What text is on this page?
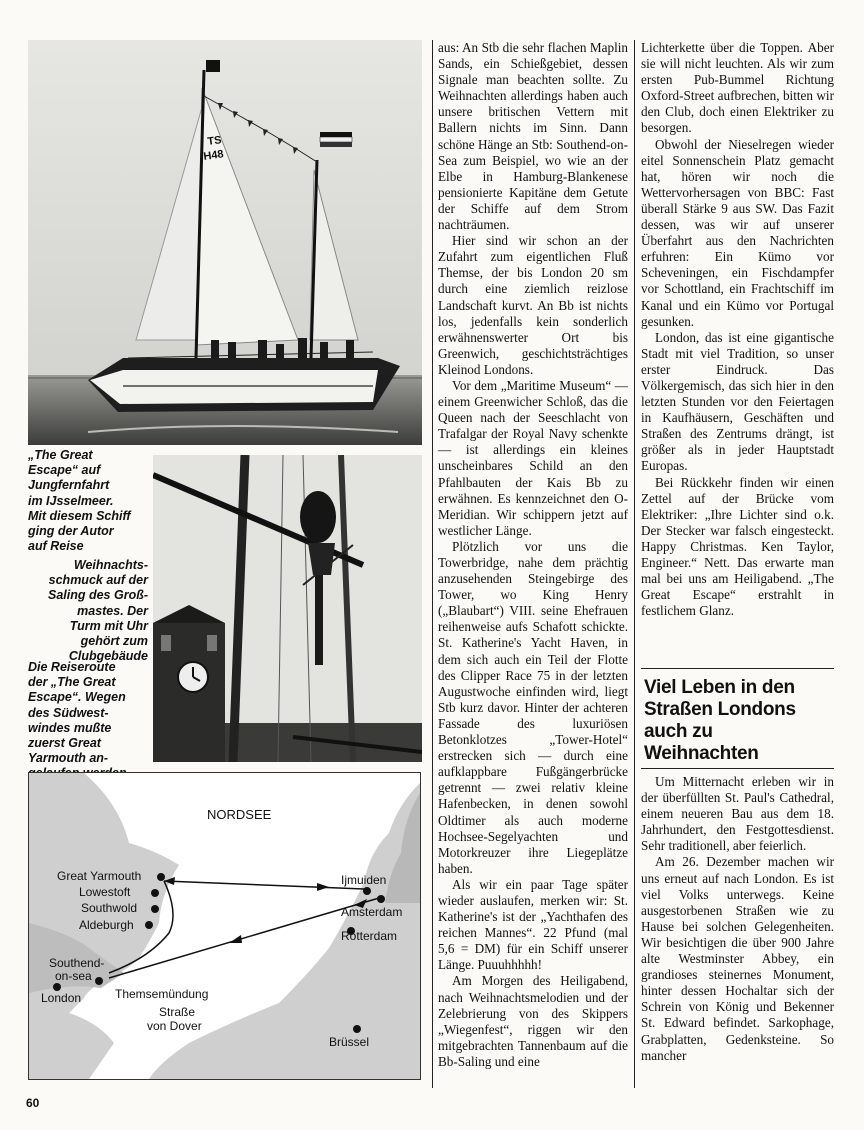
TS
H48

„The Great

Escape“ auf

Jungfernfahrt

im IJsselmeer.

Mit diesem Schiff

ging der Autor

auf Reise

Weihnachts-

schmuck auf der

Saling des Groß-

mastes. Der

Turm mit Uhr

gehört zum

Clubgebäude

Die Reiseroute

der „The Great

Escape“. Wegen

des Südwest-

windes mußte

zuerst Great

Yarmouth an-

NORDSEE
Great Yarmouth
Lowestoft
Southwold
Aldeburgh
Southend-
on-sea
London	Themsemündung
Straße
von Dover
Ijmuiden
Amsterdam
Rotterdam
Brüssel

aus: An Stb die sehr flachen Maplin Sands, ein Schießgebiet, dessen Signale man beachten sollte. Zu Weihnachten allerdings haben auch unsere britischen Vettern mit Ballern nichts im Sinn. Dann schöne Hänge an Stb: Southend-on-Sea zum Beispiel, wo wie an der Elbe in Hamburg-Blankenese pensionierte Kapitäne dem Getute der Schiffe auf dem Strom nachträumen.

Hier sind wir schon an der Zufahrt zum eigentlichen Fluß Themse, der bis London 20 sm durch eine ziemlich reizlose Landschaft kurvt. An Bb ist nichts los, jedenfalls kein sonderlich erwähnenswerter Ort bis Greenwich, geschichtsträchtiges Kleinod Londons.

Vor dem „Maritime Museum“ — einem Greenwicher Schloß, das die Queen nach der Seeschlacht von Trafalgar der Royal Navy schenkte — ist allerdings ein kleines unscheinbares Schild an den Pfahlbauten der Kais Bb zu erwähnen. Es kennzeichnet den O-Meridian. Wir schippern jetzt auf westlicher Länge.

Plötzlich vor uns die Towerbridge, nahe dem prächtig anzusehenden Steingebirge des Tower, wo King Henry („Blaubart“) VIII. seine Ehefrauen reihenweise aufs Schafott schickte. St. Katherine's Yacht Haven, in dem sich auch ein Teil der Flotte des Clipper Race 75 in der letzten Augustwoche einfinden wird, liegt Stb kurz davor. Hinter der achteren Fassade des luxuriösen Betonklotzes „Tower-Hotel“ erstrecken sich — durch eine aufklappbare Fußgängerbrücke getrennt — zwei relativ kleine Hafenbecken, in denen sowohl Oldtimer als auch moderne Hochsee-Segelyachten und Motorkreuzer ihre Liegeplätze haben.

Als wir ein paar Tage später wieder auslaufen, merken wir: St. Katherine's ist der „Yachthafen des reichen Mannes“. 22 Pfund (mal 5,6 = DM) für ein Schiff unserer Länge. Puuuhhhhh!

Am Morgen des Heiligabend, nach Weihnachtsmelodien und der Zelebrierung von des Skippers „Wiegenfest“, riggen wir den mitgebrachten Tannenbaum auf die Bb-Saling und eine

Lichterkette über die Toppen. Aber sie will nicht leuchten. Als wir zum ersten Pub-Bummel Richtung Oxford-Street aufbrechen, bitten wir den Club, doch einen Elektriker zu besorgen.

Obwohl der Nieselregen wieder eitel Sonnenschein Platz gemacht hat, hören wir noch die Wettervorhersagen von BBC: Fast überall Stärke 9 aus SW. Das Fazit dessen, was wir auf unserer Überfahrt aus den Nachrichten erfuhren: Ein Kümo vor Scheveningen, ein Fischdampfer vor Schottland, ein Frachtschiff im Kanal und ein Kümo vor Portugal gesunken.

London, das ist eine gigantische Stadt mit viel Tradition, so unser erster Eindruck. Das Völkergemisch, das sich hier in den letzten Stunden vor den Feiertagen in Kaufhäusern, Geschäften und Straßen des Zentrums drängt, ist größer als in jeder Hauptstadt Europas.

Bei Rückkehr finden wir einen Zettel auf der Brücke vom Elektriker: „Ihre Lichter sind o.k. Der Stecker war falsch eingesteckt. Happy Christmas. Ken Taylor, Engineer.“ Nett. Das erwarte man mal bei uns am Heiligabend. „The Great Escape“ erstrahlt in festlichem Glanz.

Viel Leben in den
Straßen Londons
auch zu
Weihnachten

Um Mitternacht erleben wir in der überfüllten St. Paul's Cathedral, einem neueren Bau aus dem 18. Jahrhundert, den Festgottesdienst. Sehr traditionell, aber feierlich.

Am 26. Dezember machen wir uns erneut auf nach London. Es ist viel Volks unterwegs. Keine ausgestorbenen Straßen wie zu Hause bei solchen Gelegenheiten. Wir besichtigen die über 900 Jahre alte Westminster Abbey, ein grandioses steinernes Monument, hinter dessen Hochaltar sich der Schrein von König und Bekenner St. Edward befindet. Sarkophage, Grabplatten, Gedenksteine. So mancher

60
